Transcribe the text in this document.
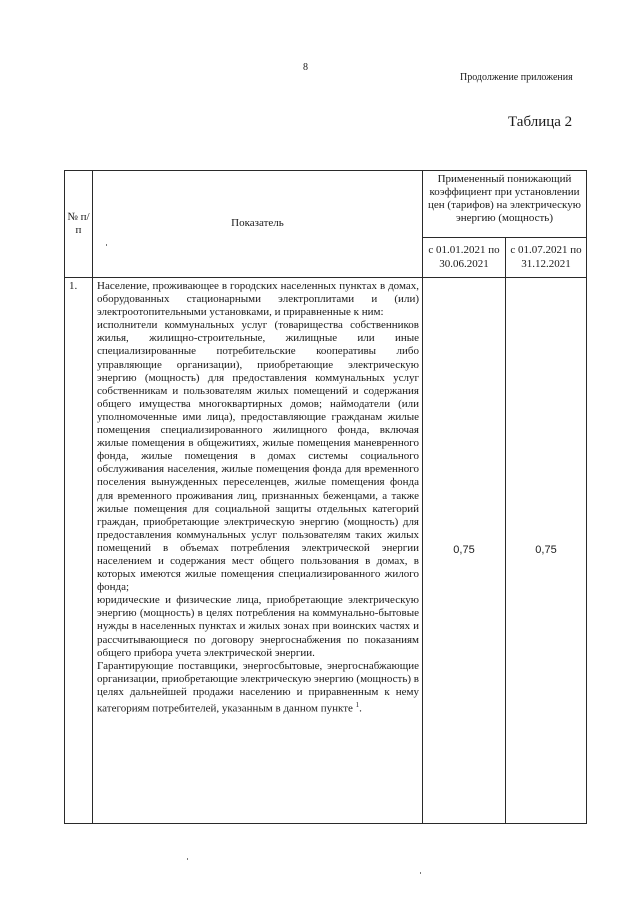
8
Продолжение приложения
Таблица 2
№ п/п	Показатель	Примененный понижающий коэффициент при установлении цен (тарифов) на электрическую энергию (мощность)	
		с 01.01.2021 по 30.06.2021	с 01.07.2021 по 31.12.2021
1.	Население, проживающее в городских населенных пунктах в домах, оборудованных стационарными электроплитами и (или) электроотопительными установками, и приравненные к ним:

исполнители коммунальных услуг (товарищества собственников жилья, жилищно-строительные, жилищные или иные специализированные потребительские кооперативы либо управляющие организации), приобретающие электрическую энергию (мощность) для предоставления коммунальных услуг собственникам и пользователям жилых помещений и содержания общего имущества многоквартирных домов; наймодатели (или уполномоченные ими лица), предоставляющие гражданам жилые помещения специализированного жилищного фонда, включая жилые помещения в общежитиях, жилые помещения маневренного фонда, жилые помещения в домах системы социального обслуживания населения, жилые помещения фонда для временного поселения вынужденных переселенцев, жилые помещения фонда для временного проживания лиц, признанных беженцами, а также жилые помещения для социальной защиты отдельных категорий граждан, приобретающие электрическую энергию (мощность) для предоставления коммунальных услуг пользователям таких жилых помещений в объемах потребления электрической энергии населением и содержания мест общего пользования в домах, в которых имеются жилые помещения специализированного жилого фонда;

юридические и физические лица, приобретающие электрическую энергию (мощность) в целях потребления на коммунально-бытовые нужды в населенных пунктах и жилых зонах при воинских частях и рассчитывающиеся по договору энергоснабжения по показаниям общего прибора учета электрической энергии.

Гарантирующие поставщики, энергосбытовые, энергоснабжающие организации, приобретающие электрическую энергию (мощность) в целях дальнейшей продажи населению и приравненным к нему категориям потребителей, указанным в данном пункте $^1$.	0,75	0,75
